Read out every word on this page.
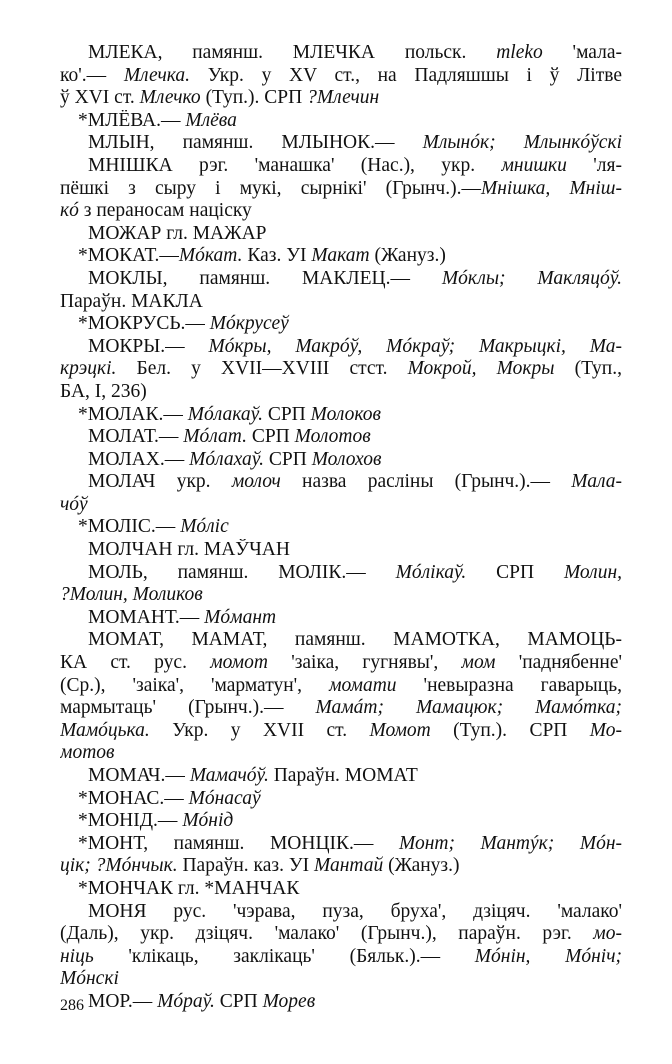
МЛЕКА, памянш. МЛЕЧКА польск. mleko 'мала-
ко'.— Млечка. Укр. у XV ст., на Падляшшы і ў Літве
ў XVI ст. Млечко (Туп.). СРП ?Млечин
*МЛЁВА.— Млёва
МЛЫН, памянш. МЛЫНОК.— Млынóк; Млынкóўскі
МНІШКА рэг. 'манашка' (Нас.), укр. мнишки 'ля-
пёшкі з сыру і мукі, сырнікі' (Грынч.).—Мнішка, Мніш-
кó з пераносам націску
МОЖАР гл. МАЖАР
*МОКАТ.—Мóкат. Каз. УІ Макат (Жануз.)
МОКЛЫ, памянш. МАКЛЕЦ.— Мóклы; Макляцóў.
Параўн. МАКЛА
*МОКРУСЬ.— Мóкрусеў
МОКРЫ.— Мóкры, Макрóў, Мóкраў; Макрыцкі, Ма-
крэцкі. Бел. у XVII—XVIII стст. Мокрой, Мокры (Туп.,
БА, I, 236)
*МОЛАК.— Мóлакаў. СРП Молоков
МОЛАТ.— Мóлат. СРП Молотов
МОЛАХ.— Мóлахаў. СРП Молохов
МОЛАЧ укр. молоч назва расліны (Грынч.).— Мала-
чóў
*МОЛІС.— Мóліс
МОЛЧАН гл. МАЎЧАН
МОЛЬ, памянш. МОЛІК.— Мóлікаў. СРП Молин,
?Молин, Моликов
МОМАНТ.— Мóмант
МОМАТ, МАМАТ, памянш. МАМОТКА, МАМОЦЬ-
КА ст. рус. момот 'заіка, гугнявы', мом 'паднябенне'
(Ср.), 'заіка', 'марматун', момати 'невыразна гаварыць,
мармытаць' (Грынч.).— Мамáт; Мамацюк; Мамóтка;
Мамóцька. Укр. у XVII ст. Момот (Туп.). СРП Мо-
мотов
МОМАЧ.— Мамачóў. Параўн. МОМАТ
*МОНАС.— Мóнасаў
*МОНІД.— Мóнід
*МОНТ, памянш. МОНЦІК.— Монт; Мантýк; Мóн-
цік; ?Мóнчык. Параўн. каз. УІ Мантай (Жануз.)
*МОНЧАК гл. *МАНЧАК
МОНЯ рус. 'чэрава, пуза, бруха', дзіцяч. 'малако'
(Даль), укр. дзіцяч. 'малако' (Грынч.), параўн. рэг. мо-
ніць 'клікаць, заклікаць' (Бяльк.).— Мóнін, Мóніч;
Мóнскі
МОР.— Мóраў. СРП Морев
286
